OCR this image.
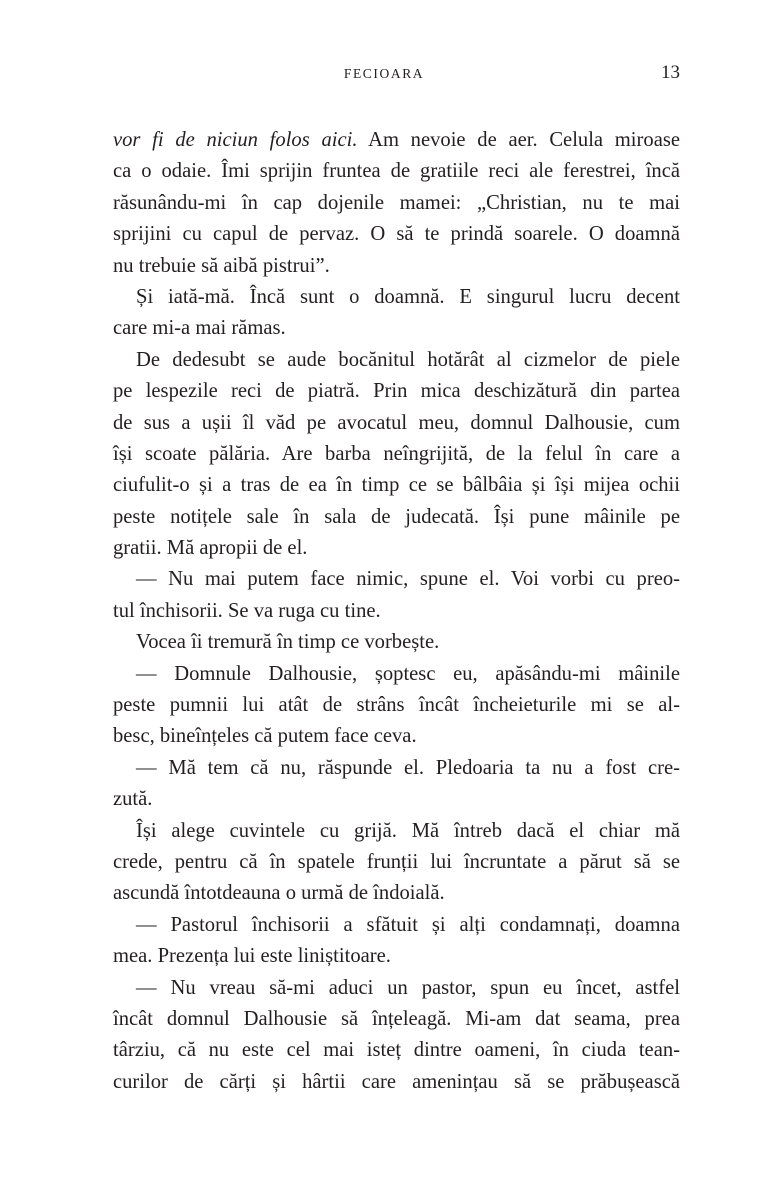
FECIOARA	13
vor fi de niciun folos aici. Am nevoie de aer. Celula miroase
ca o odaie. Îmi sprijin fruntea de gratiile reci ale ferestrei, încă
răsunându-mi în cap dojenile mamei: „Christian, nu te mai
sprijini cu capul de pervaz. O să te prindă soarele. O doamnă
nu trebuie să aibă pistrui”.
Și iată-mă. Încă sunt o doamnă. E singurul lucru decent
care mi-a mai rămas.
De dedesubt se aude bocănitul hotărât al cizmelor de piele
pe lespezile reci de piatră. Prin mica deschizătură din partea
de sus a ușii îl văd pe avocatul meu, domnul Dalhousie, cum
își scoate pălăria. Are barba neîngrijită, de la felul în care a
ciufulit-o și a tras de ea în timp ce se bâlbâia și își mijea ochii
peste notițele sale în sala de judecată. Își pune mâinile pe
gratii. Mă apropii de el.
— Nu mai putem face nimic, spune el. Voi vorbi cu preo-
tul închisorii. Se va ruga cu tine.
Vocea îi tremură în timp ce vorbește.
— Domnule Dalhousie, șoptesc eu, apăsându-mi mâinile
peste pumnii lui atât de strâns încât încheieturile mi se al-
besc, bineînțeles că putem face ceva.
— Mă tem că nu, răspunde el. Pledoaria ta nu a fost cre-
zută.
Își alege cuvintele cu grijă. Mă întreb dacă el chiar mă
crede, pentru că în spatele frunții lui încruntate a părut să se
ascundă întotdeauna o urmă de îndoială.
— Pastorul închisorii a sfătuit și alți condamnați, doamna
mea. Prezența lui este liniștitoare.
— Nu vreau să-mi aduci un pastor, spun eu încet, astfel
încât domnul Dalhousie să înțeleagă. Mi-am dat seama, prea
târziu, că nu este cel mai isteț dintre oameni, în ciuda tean-
curilor de cărți și hârtii care amenințau să se prăbușească
